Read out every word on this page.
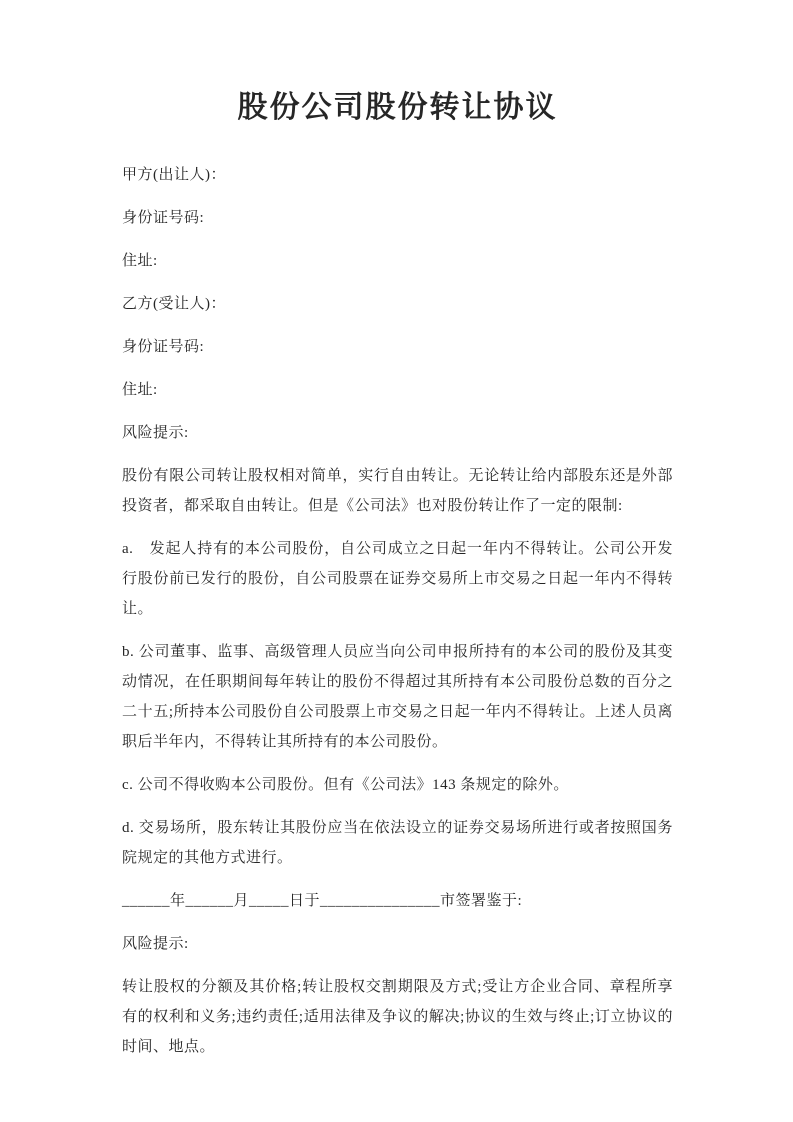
股份公司股份转让协议

甲方(出让人)：

身份证号码:

住址:

乙方(受让人)：

身份证号码:

住址:

风险提示:

股份有限公司转让股权相对简单，实行自由转让。无论转让给内部股东还是外部投资者，都采取自由转让。但是《公司法》也对股份转让作了一定的限制:

a.　发起人持有的本公司股份，自公司成立之日起一年内不得转让。公司公开发行股份前已发行的股份，自公司股票在证券交易所上市交易之日起一年内不得转让。

b. 公司董事、监事、高级管理人员应当向公司申报所持有的本公司的股份及其变动情况，在任职期间每年转让的股份不得超过其所持有本公司股份总数的百分之二十五;所持本公司股份自公司股票上市交易之日起一年内不得转让。上述人员离职后半年内，不得转让其所持有的本公司股份。

c. 公司不得收购本公司股份。但有《公司法》143 条规定的除外。

d. 交易场所，股东转让其股份应当在依法设立的证券交易场所进行或者按照国务院规定的其他方式进行。

______年______月_____日于_______________市签署鉴于:

风险提示:

转让股权的分额及其价格;转让股权交割期限及方式;受让方企业合同、章程所享有的权利和义务;违约责任;适用法律及争议的解决;协议的生效与终止;订立协议的时间、地点。
